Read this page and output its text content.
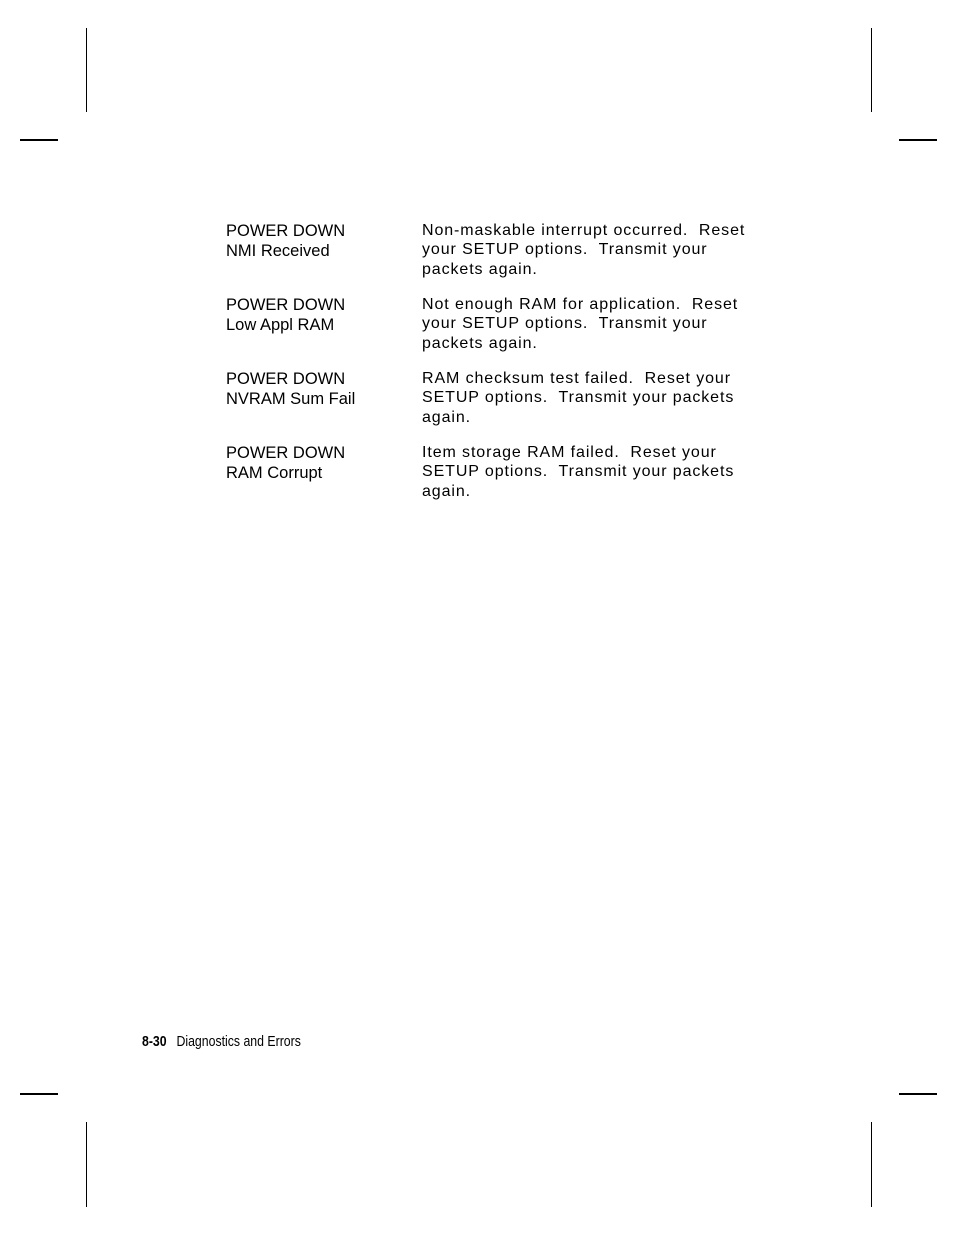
POWER DOWN
NMI Received
Non-maskable interrupt occurred.  Reset
your SETUP options.  Transmit your
packets again.
POWER DOWN
Low Appl RAM
Not enough RAM for application.  Reset
your SETUP options.  Transmit your
packets again.
POWER DOWN
NVRAM Sum Fail
RAM checksum test failed.  Reset your
SETUP options.  Transmit your packets
again.
POWER DOWN
RAM Corrupt
Item storage RAM failed.  Reset your
SETUP options.  Transmit your packets
again.
8-30 Diagnostics and Errors
